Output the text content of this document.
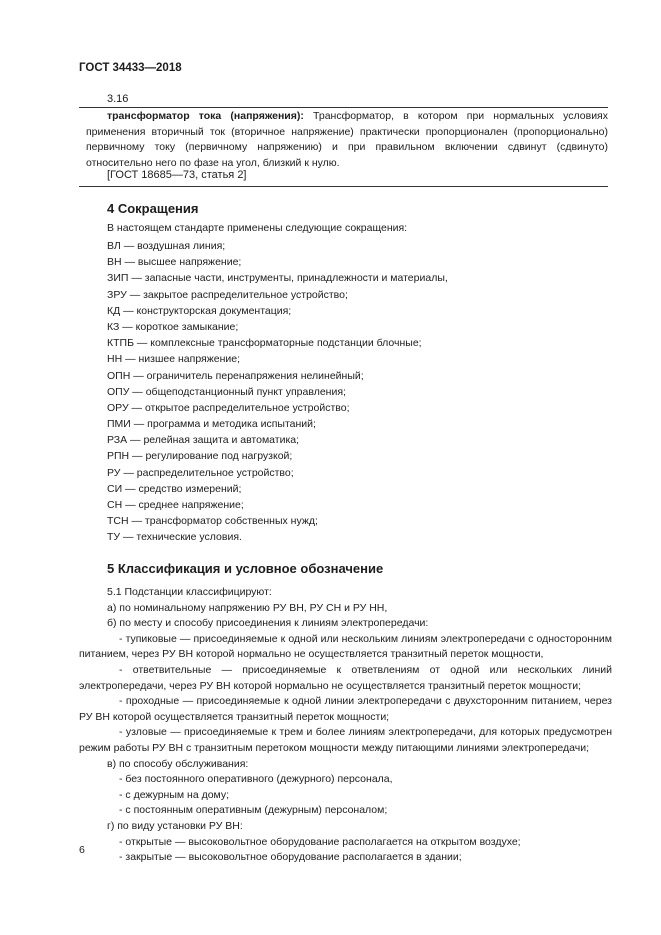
ГОСТ 34433—2018
3.16

трансформатор тока (напряжения): Трансформатор, в котором при нормальных условиях применения вторичный ток (вторичное напряжение) практически пропорционален (пропорционально) первичному току (первичному напряжению) и при правильном включении сдвинут (сдвинуто) относительно него по фазе на угол, близкий к нулю.

[ГОСТ 18685—73, статья 2]
4 Сокращения
В настоящем стандарте применены следующие сокращения:
ВЛ — воздушная линия;
ВН — высшее напряжение;
ЗИП — запасные части, инструменты, принадлежности и материалы,
ЗРУ — закрытое распределительное устройство;
КД — конструкторская документация;
КЗ — короткое замыкание;
КТПБ — комплексные трансформаторные подстанции блочные;
НН — низшее напряжение;
ОПН — ограничитель перенапряжения нелинейный;
ОПУ — общеподстанционный пункт управления;
ОРУ — открытое распределительное устройство;
ПМИ — программа и методика испытаний;
РЗА — релейная защита и автоматика;
РПН — регулирование под нагрузкой;
РУ — распределительное устройство;
СИ — средство измерений;
СН — среднее напряжение;
ТСН — трансформатор собственных нужд;
ТУ — технические условия.
5 Классификация и условное обозначение

5.1 Подстанции классифицируют:

а) по номинальному напряжению РУ ВН, РУ СН и РУ НН,

б) по месту и способу присоединения к линиям электропередачи:

- тупиковые — присоединяемые к одной или нескольким линиям электропередачи с односторонним питанием, через РУ ВН которой нормально не осуществляется транзитный переток мощности,

- ответвительные — присоединяемые к ответвлениям от одной или нескольких линий электропередачи, через РУ ВН которой нормально не осуществляется транзитный переток мощности;

- проходные — присоединяемые к одной линии электропередачи с двухсторонним питанием, через РУ ВН которой осуществляется транзитный переток мощности;

- узловые — присоединяемые к трем и более линиям электропередачи, для которых предусмотрен режим работы РУ ВН с транзитным перетоком мощности между питающими линиями электропередачи;

в) по способу обслуживания:

- без постоянного оперативного (дежурного) персонала,

- с дежурным на дому;

- с постоянным оперативным (дежурным) персоналом;

г) по виду установки РУ ВН:

- открытые — высоковольтное оборудование располагается на открытом воздухе;

- закрытые — высоковольтное оборудование располагается в здании;

6
